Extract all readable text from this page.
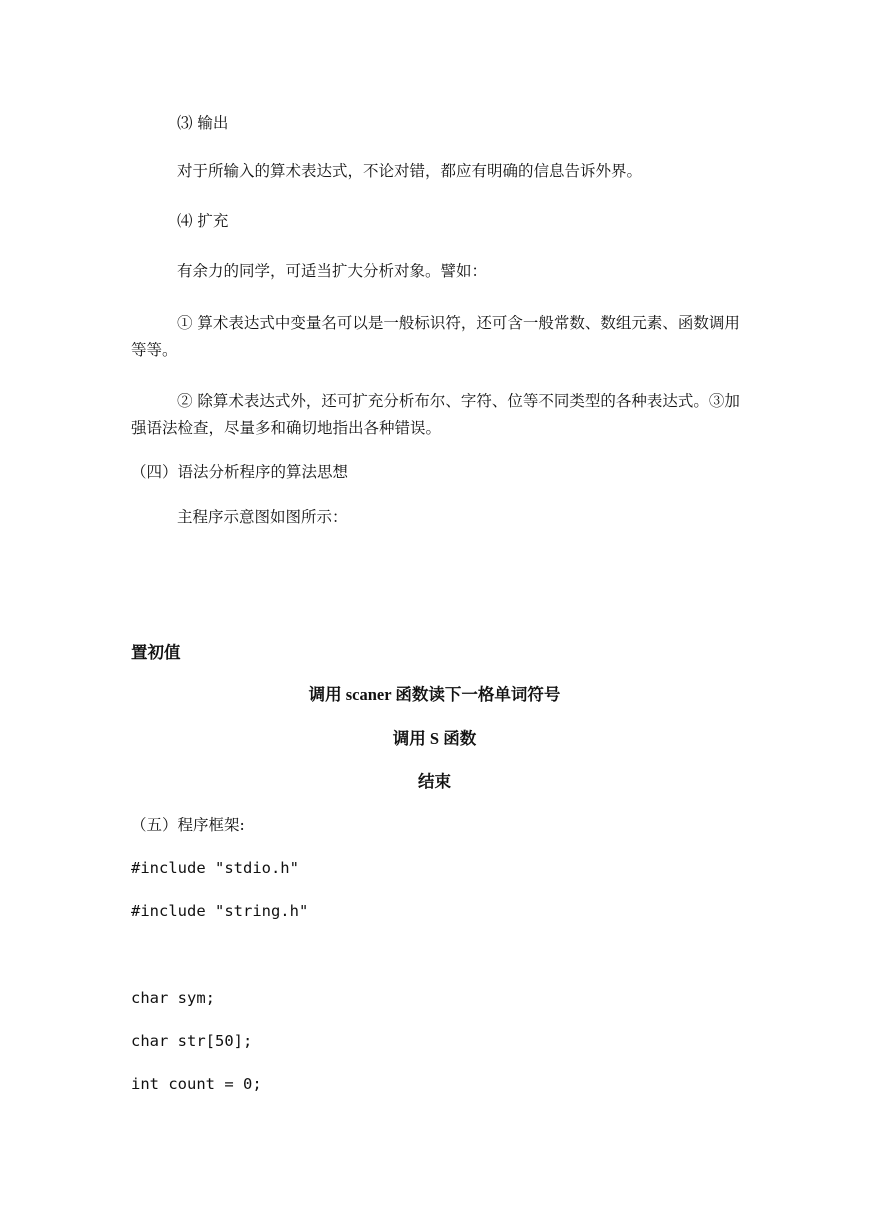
⑶ 输出
对于所输入的算术表达式，不论对错，都应有明确的信息告诉外界。
⑷ 扩充
有余力的同学，可适当扩大分析对象。譬如：
① 算术表达式中变量名可以是一般标识符，还可含一般常数、数组元素、函数调用等等。
② 除算术表达式外，还可扩充分析布尔、字符、位等不同类型的各种表达式。③加强语法检查，尽量多和确切地指出各种错误。
（四）语法分析程序的算法思想
主程序示意图如图所示：
置初值
调用 scaner 函数读下一格单词符号
调用 S 函数
结束
（五）程序框架:
#include "stdio.h"
#include "string.h"
char sym;
char str[50];
int count = 0;
